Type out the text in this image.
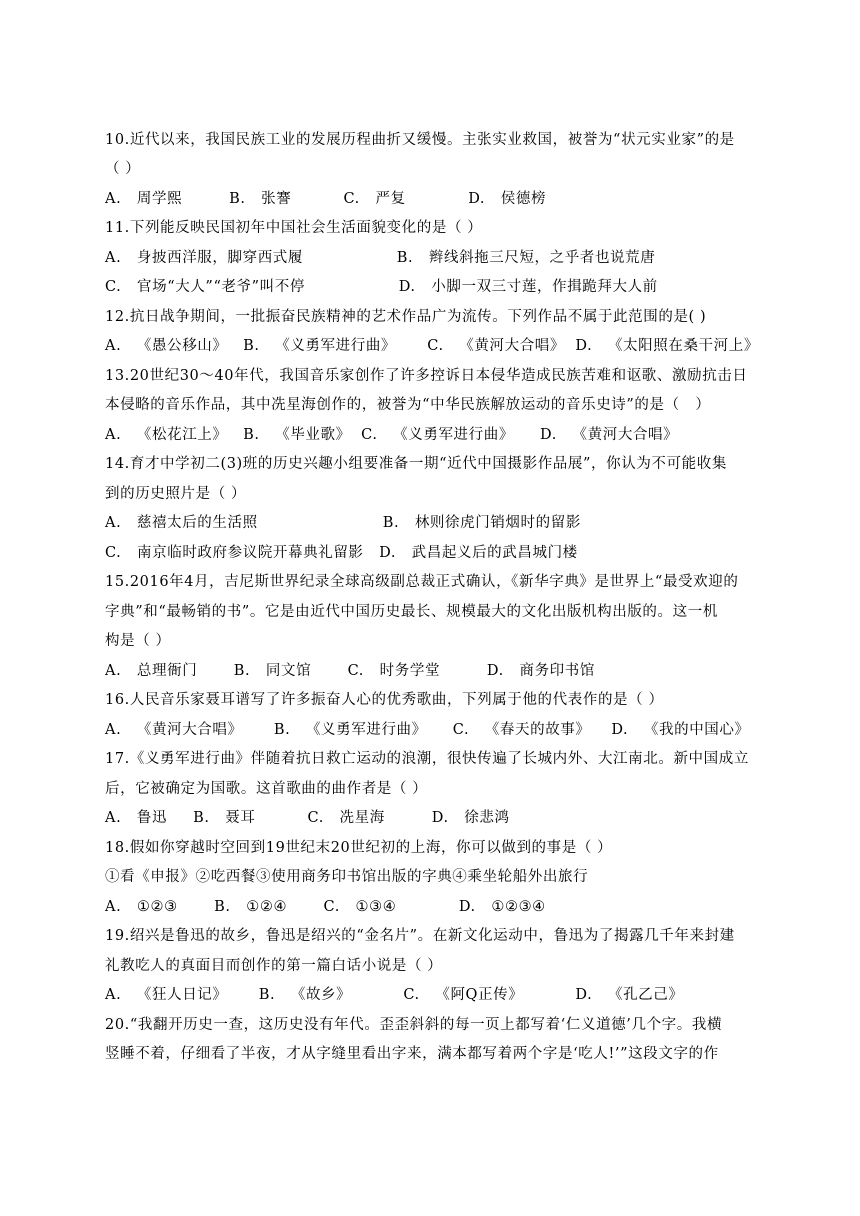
10.近代以来，我国民族工业的发展历程曲折又缓慢。主张实业救国，被誉为“状元实业家”的是
（ ）
A.   周学熙         B.   张謇          C.   严复            D.   侯德榜
11.下列能反映民国初年中国社会生活面貌变化的是（ ）
A.   身披西洋服，脚穿西式履                  B.   辫线斜拖三尺短，之乎者也说荒唐
C.   官场“大人”“老爷”叫不停                  D.   小脚一双三寸莲，作揖跪拜大人前
12.抗日战争期间，一批振奋民族精神的艺术作品广为流传。下列作品不属于此范围的是( )
A.   《愚公移山》   B.   《义勇军进行曲》      C.   《黄河大合唱》  D.   《太阳照在桑干河上》
13.20世纪30～40年代，我国音乐家创作了许多控诉日本侵华造成民族苦难和讴歌、激励抗击日
本侵略的音乐作品，其中冼星海创作的，被誉为“中华民族解放运动的音乐史诗”的是（   ）
A.   《松花江上》   B.   《毕业歌》  C.   《义勇军进行曲》     D.   《黄河大合唱》
14.育才中学初二(3)班的历史兴趣小组要准备一期“近代中国摄影作品展”，你认为不可能收集
到的历史照片是（ ）
A.   慈禧太后的生活照                        B.   林则徐虎门销烟时的留影
C.   南京临时政府参议院开幕典礼留影   D.   武昌起义后的武昌城门楼
15.2016年4月，吉尼斯世界纪录全球高级副总裁正式确认，《新华字典》是世界上“最受欢迎的
字典”和“最畅销的书”。它是由近代中国历史最长、规模最大的文化出版机构出版的。这一机
构是（ ）
A.   总理衙门       B.   同文馆       C.   时务学堂         D.   商务印书馆
16.人民音乐家聂耳谱写了许多振奋人心的优秀歌曲，下列属于他的代表作的是（ ）
A.   《黄河大合唱》      B.   《义勇军进行曲》     C.   《春天的故事》    D.   《我的中国心》
17.《义勇军进行曲》伴随着抗日救亡运动的浪潮，很快传遍了长城内外、大江南北。新中国成立
后，它被确定为国歌。这首歌曲的曲作者是（ ）
A.   鲁迅     B.   聂耳          C.   冼星海         D.   徐悲鸿
18.假如你穿越时空回到19世纪末20世纪初的上海，你可以做到的事是（ ）
①看《申报》②吃西餐③使用商务印书馆出版的字典④乘坐轮船外出旅行
A.   ①②③       B.   ①②④       C.   ①③④            D.   ①②③④
19.绍兴是鲁迅的故乡，鲁迅是绍兴的“金名片”。在新文化运动中，鲁迅为了揭露几千年来封建
礼教吃人的真面目而创作的第一篇白话小说是（ ）
A.   《狂人日记》      B.   《故乡》          C.   《阿Q正传》          D.   《孔乙己》
20.“我翻开历史一查，这历史没有年代。歪歪斜斜的每一页上都写着‘仁义道德’几个字。我横
竖睡不着，仔细看了半夜，才从字缝里看出字来，满本都写着两个字是‘吃人!’”这段文字的作
